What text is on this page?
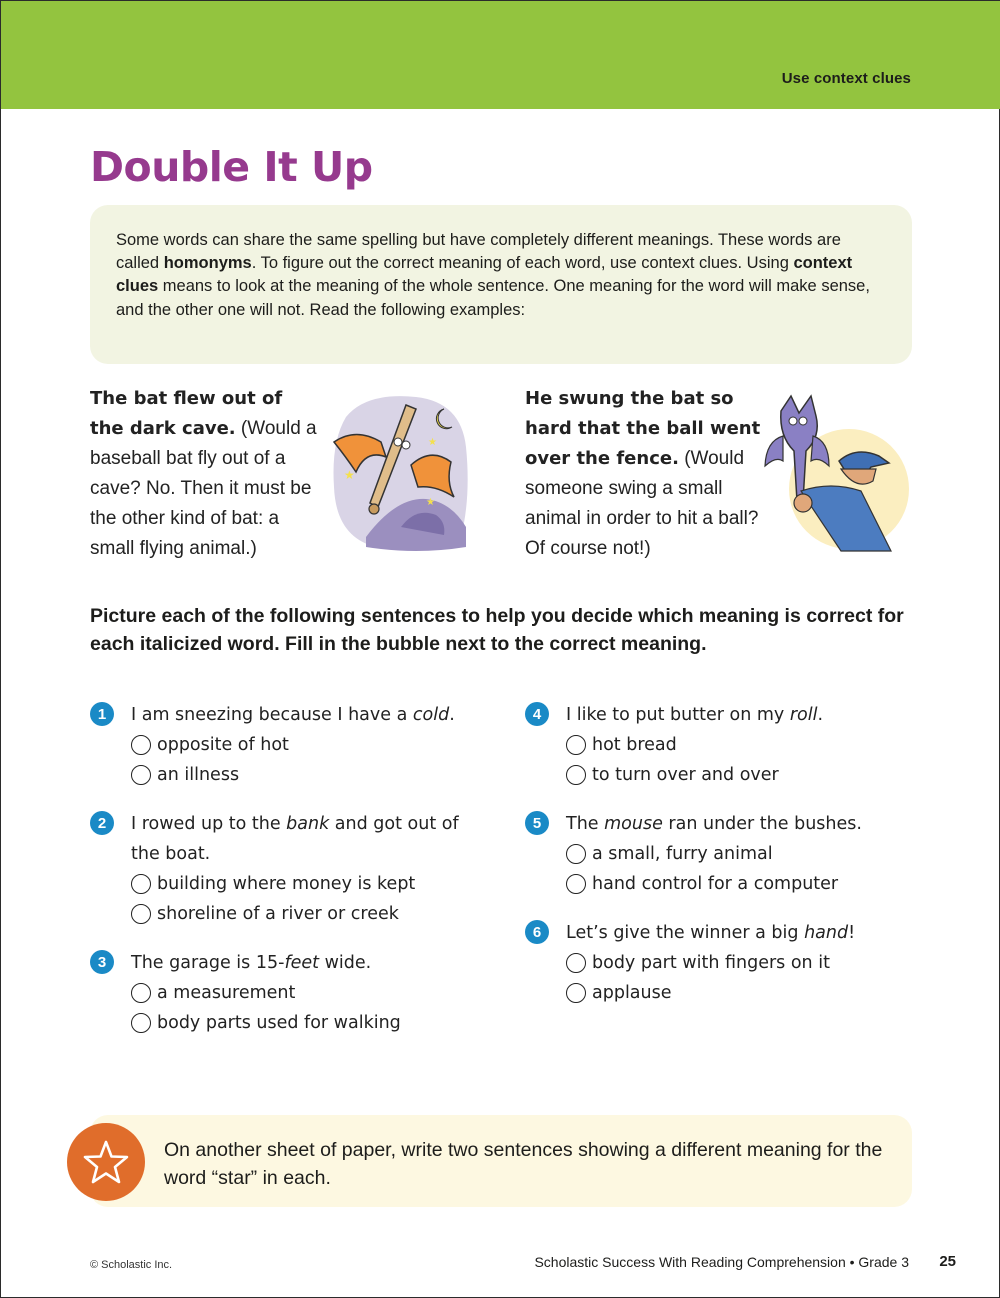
Use context clues
Double It Up

Some words can share the same spelling but have completely different meanings. These words are called homonyms. To figure out the correct meaning of each word, use context clues. Using context clues means to look at the meaning of the whole sentence. One meaning for the word will make sense, and the other one will not. Read the following examples:

The bat flew out of the dark cave. (Would a baseball bat fly out of a cave? No. Then it must be the other kind of bat: a small flying animal.)
★
★
★
He swung the bat so hard that the ball went over the fence. (Would someone swing a small animal in order to hit a ball? Of course not!)

Picture each of the following sentences to help you decide which meaning is correct for each italicized word. Fill in the bubble next to the correct meaning.

1	I am sneezing because I have a cold.
opposite of hot
an illness
2	I rowed up to the bank and got out of the boat.
building where money is kept
shoreline of a river or creek
3	The garage is 15-feet wide.
a measurement
body parts used for walking
4	I like to put butter on my roll.
hot bread
to turn over and over
5	The mouse ran under the bushes.
a small, furry animal
hand control for a computer
6	Let’s give the winner a big hand!
body part with fingers on it
applause

On another sheet of paper, write two sentences showing a different meaning for the word “star” in each.

© Scholastic Inc.	Scholastic Success With Reading Comprehension • Grade 3 25
